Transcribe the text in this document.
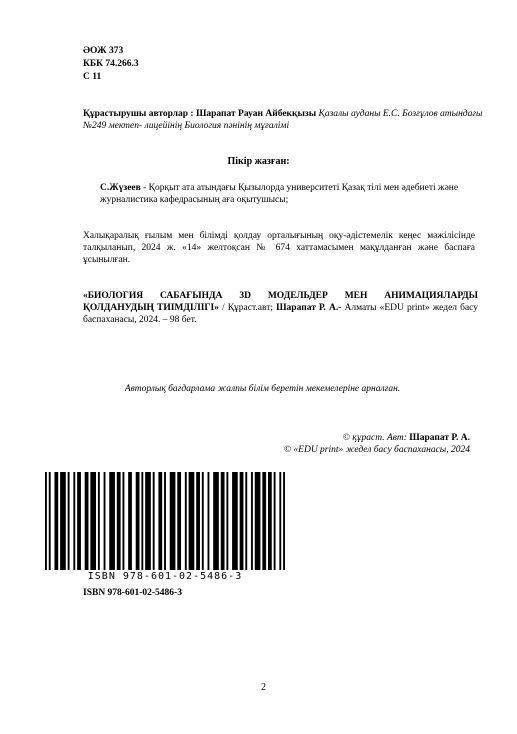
ӘОЖ 373
КБК 74.266.3
С 11
Құрастырушы авторлар : Шарапат Рауан Айбекқызы Қазалы ауданы Е.С. Бозғұлов атындағы №249 мектеп- лицейінің Биология пәнінің мұғалімі
Пікір жазған:
С.Жүзеев - Қорқыт ата атындағы Қызылорда университеті Қазақ тілі мен әдебиеті және журналистика кафедрасының аға оқытушысы;
Халықаралық ғылым мен білімді қолдау орталығының оқу-әдістемелік кеңес мәжілісінде талқыланып, 2024 ж. «14» желтоқсан № 674 хаттамасымен мақұлданған және баспаға ұсынылған.
«БИОЛОГИЯ САБАҒЫНДА 3D МОДЕЛЬДЕР МЕН АНИМАЦИЯЛАРДЫ ҚОЛДАНУДЫҢ ТИІМДІЛІГІ» / Құраст.авт; Шарапат Р. А.- Алматы «EDU print» жедел басу баспаханасы, 2024. – 98 бет.
Авторлық бағдарлама жалпы білім беретін мекемелеріне арналған.
© құраст. Авт: Шарапат Р. А.
© «EDU print» жедел басу баспаханасы, 2024
ISBN 978-601-02-5486-3
ISBN 978-601-02-5486-3
2
